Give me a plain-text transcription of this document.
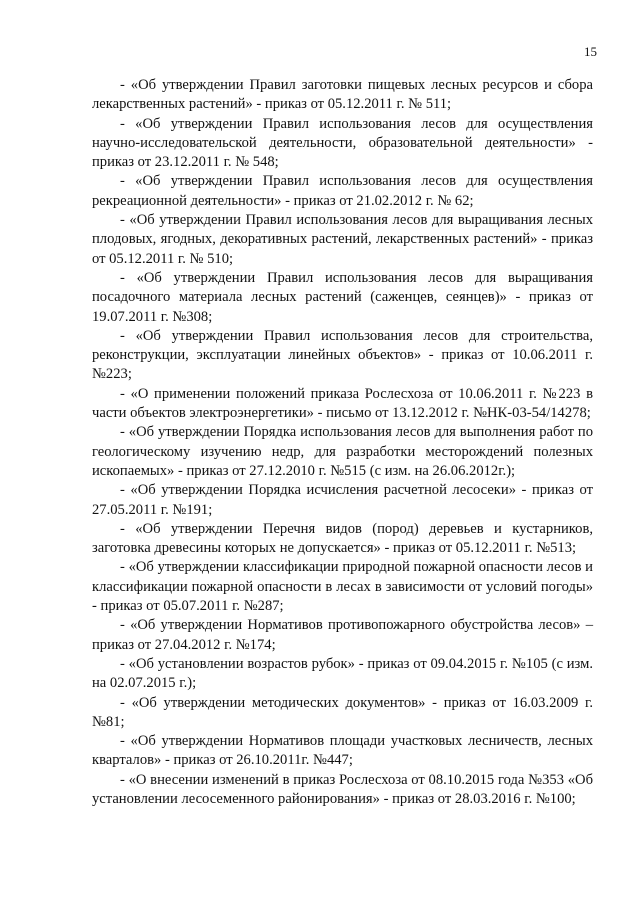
15

- «Об утверждении Правил заготовки пищевых лесных ресурсов и сбора лекарственных растений» - приказ от 05.12.2011 г. № 511;

- «Об утверждении Правил использования лесов для осуществления научно-исследовательской деятельности, образовательной деятельности» - приказ от 23.12.2011 г. № 548;

- «Об утверждении Правил использования лесов для осуществления рекреационной деятельности» - приказ от 21.02.2012 г. № 62;

- «Об утверждении Правил использования лесов для выращивания лесных плодовых, ягодных, декоративных растений, лекарственных растений» - приказ от 05.12.2011 г. № 510;

- «Об утверждении Правил использования лесов для выращивания посадочного материала лесных растений (саженцев, сеянцев)» - приказ от 19.07.2011 г. №308;

- «Об утверждении Правил использования лесов для строительства, реконструкции, эксплуатации линейных объектов» - приказ от 10.06.2011 г. №223;

- «О применении положений приказа Рослесхоза от 10.06.2011 г. №223 в части объектов электроэнергетики» - письмо от 13.12.2012 г. №НК-03-54/14278;

- «Об утверждении Порядка использования лесов для выполнения работ по геологическому изучению недр, для разработки месторождений полезных ископаемых» - приказ от 27.12.2010 г. №515 (с изм. на 26.06.2012г.);

- «Об утверждении Порядка исчисления расчетной лесосеки» - приказ от 27.05.2011 г. №191;

- «Об утверждении Перечня видов (пород) деревьев и кустарников, заготовка древесины которых не допускается» - приказ от 05.12.2011 г. №513;

- «Об утверждении классификации природной пожарной опасности лесов и классификации пожарной опасности в лесах в зависимости от условий погоды» - приказ от 05.07.2011 г. №287;

- «Об утверждении Нормативов противопожарного обустройства лесов» – приказ от 27.04.2012 г. №174;

- «Об установлении возрастов рубок» - приказ от 09.04.2015 г. №105 (с изм. на 02.07.2015 г.);

- «Об утверждении методических документов» - приказ от 16.03.2009 г. №81;

- «Об утверждении Нормативов площади участковых лесничеств, лесных кварталов» - приказ от 26.10.2011г. №447;

- «О внесении изменений в приказ Рослесхоза от 08.10.2015 года №353 «Об установлении лесосеменного районирования» - приказ от 28.03.2016 г. №100;
